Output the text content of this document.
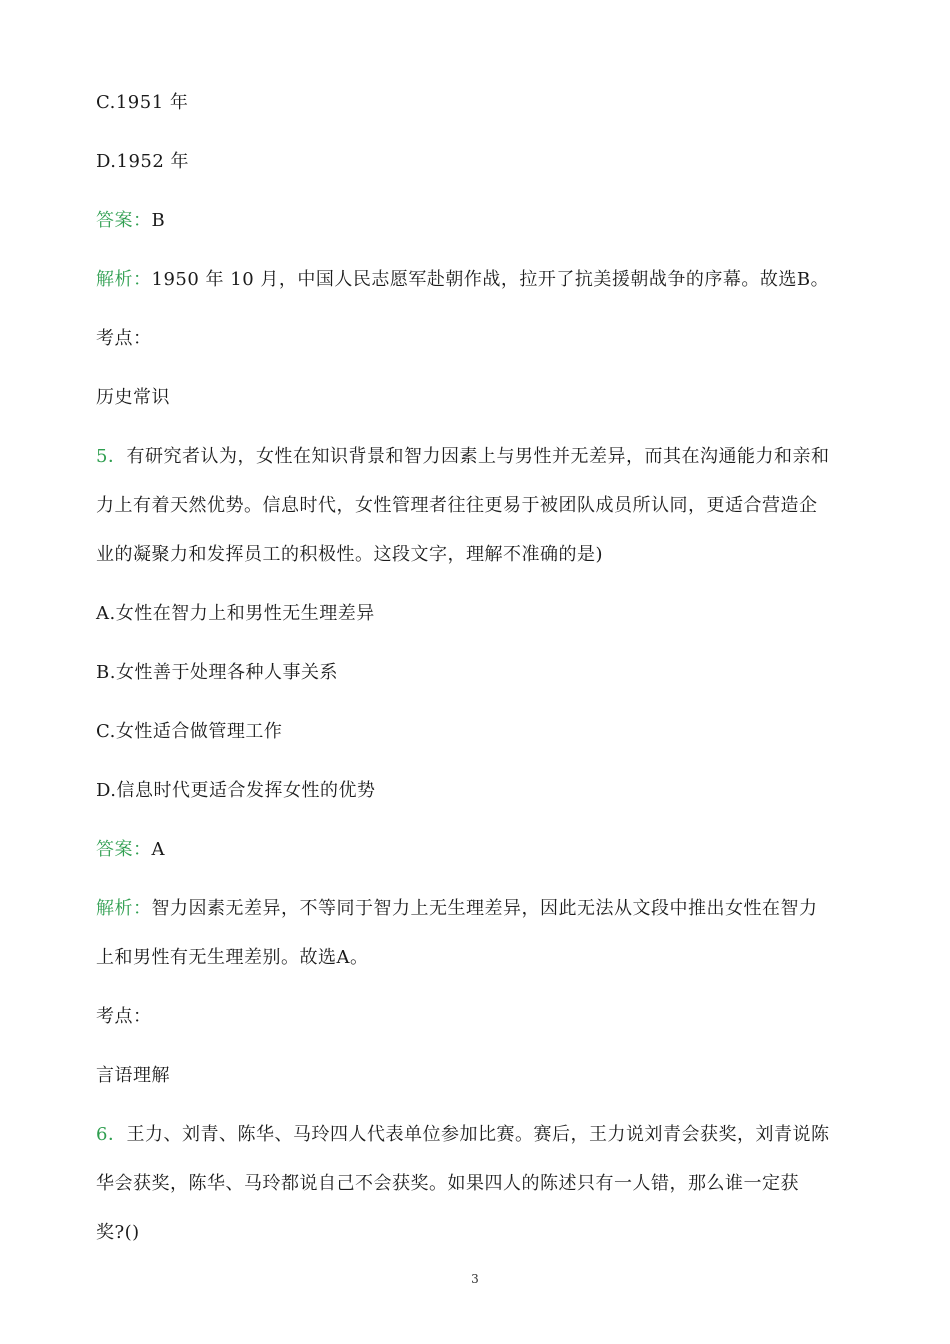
C.1951 年
D.1952 年
答案：B
解析：1950 年 10 月，中国人民志愿军赴朝作战，拉开了抗美援朝战争的序幕。故选B。
考点：
历史常识
5．有研究者认为，女性在知识背景和智力因素上与男性并无差异，而其在沟通能力和亲和
力上有着天然优势。信息时代，女性管理者往往更易于被团队成员所认同，更适合营造企
业的凝聚力和发挥员工的积极性。这段文字，理解不准确的是)
A.女性在智力上和男性无生理差异
B.女性善于处理各种人事关系
C.女性适合做管理工作
D.信息时代更适合发挥女性的优势
答案：A
解析：智力因素无差异，不等同于智力上无生理差异，因此无法从文段中推出女性在智力
上和男性有无生理差别。故选A。
考点：
言语理解
6．王力、刘青、陈华、马玲四人代表单位参加比赛。赛后，王力说刘青会获奖，刘青说陈
华会获奖，陈华、马玲都说自己不会获奖。如果四人的陈述只有一人错，那么谁一定获
奖?()
3
